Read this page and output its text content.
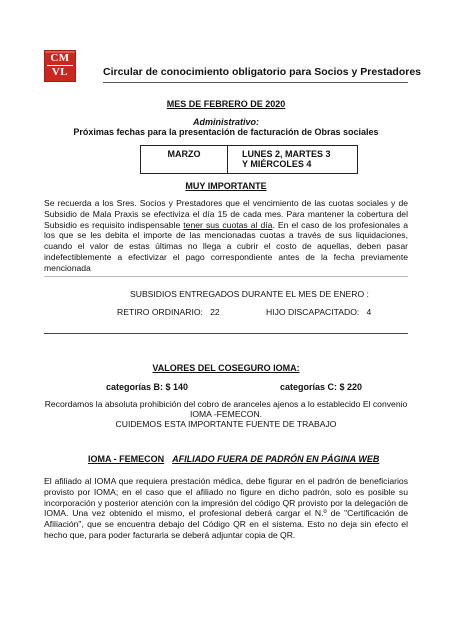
CM
VL	Circular de conocimiento obligatorio para Socios y Prestadores
MES DE FEBRERO DE 2020
Administrativo:
Próximas fechas para la presentación de facturación de Obras sociales
MARZO	LUNES 2, MARTES 3
Y MIÉRCOLES 4
MUY IMPORTANTE
Se recuerda a los Sres. Socios y Prestadores que el vencimiento de las cuotas sociales y de Subsidio de Mala Praxis se efectiviza el día 15 de cada mes. Para mantener la cobertura del Subsidio es requisito indispensable tener sus cuotas al día. En el caso de los profesionales a los que se les debita el importe de las mencionadas cuotas a través de sus liquidaciones, cuando el valor de estas últimas no llega a cubrir el costo de aquellas, deben pasar indefectiblemente a efectivizar el pago correspondiente antes de la fecha previamente mencionada
SUBSIDIOS ENTREGADOS DURANTE EL MES DE ENERO :
RETIRO ORDINARIO: 22	HIJO DISCAPACITADO: 4
VALORES DEL COSEGURO IOMA:
categorías B: $ 140	categorías C: $ 220
Recordamos la absoluta prohibición del cobro de aranceles ajenos a lo establecido El convenio
IOMA -FEMECON.
CUIDEMOS ESTA IMPORTANTE FUENTE DE TRABAJO
IOMA - FEMECON AFILIADO FUERA DE PADRÓN EN PÁGINA WEB
El afiliado al IOMA que requiera prestación médica, debe figurar en el padrón de beneficiarios provisto por IOMA; en el caso que el afiliado no figure en dicho padrón, solo es posible su incorporación y posterior atención con la impresión del código QR provisto por la delegación de IOMA. Una vez obtenido el mismo, el profesional deberá cargar el N.º de "Certificación de Afiliación", que se encuentra debajo del Código QR en el sistema. Esto no deja sin efecto el hecho que, para poder facturarla se deberá adjuntar copia de QR.
